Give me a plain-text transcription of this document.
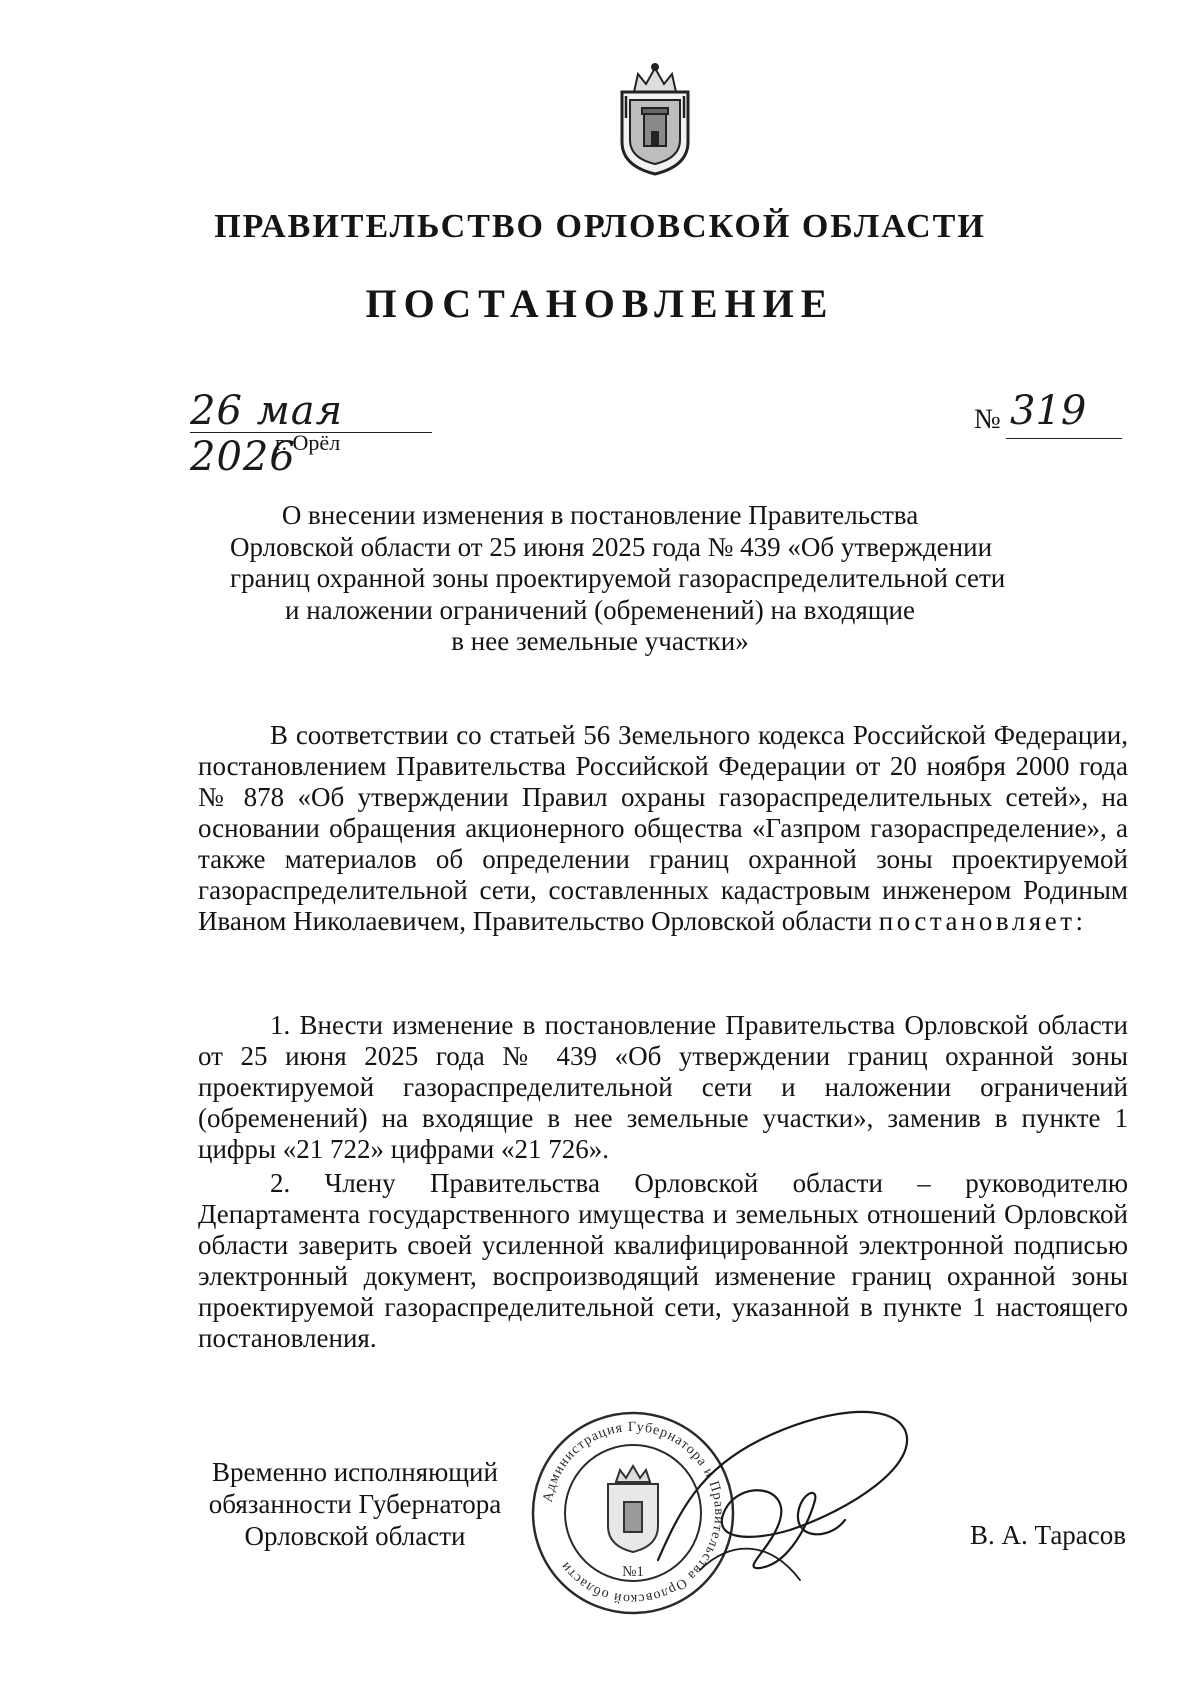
ПРАВИТЕЛЬСТВО ОРЛОВСКОЙ ОБЛАСТИ
ПОСТАНОВЛЕНИЕ
26 мая 2026
г. Орёл
№ 319
О внесении изменения в постановление Правительства
Орловской области от 25 июня 2025 года № 439 «Об утверждении
границ охранной зоны проектируемой газораспределительной сети
и наложении ограничений (обременений) на входящие
в нее земельные участки»

В соответствии со статьей 56 Земельного кодекса Российской Федерации, постановлением Правительства Российской Федерации от 20 ноября 2000 года № 878 «Об утверждении Правил охраны газораспределительных сетей», на основании обращения акционерного общества «Газпром газораспределение», а также материалов об определении границ охранной зоны проектируемой газораспределительной сети, составленных кадастровым инженером Родиным Иваном Николаевичем, Правительство Орловской области постановляет:

1. Внести изменение в постановление Правительства Орловской области от 25 июня 2025 года № 439 «Об утверждении границ охранной зоны проектируемой газораспределительной сети и наложении ограничений (обременений) на входящие в нее земельные участки», заменив в пункте 1 цифры «21 722» цифрами «21 726».

2. Члену Правительства Орловской области – руководителю Департамента государственного имущества и земельных отношений Орловской области заверить своей усиленной квалифицированной электронной подписью электронный документ, воспроизводящий изменение границ охранной зоны проектируемой газораспределительной сети, указанной в пункте 1 настоящего постановления.

Временно исполняющий
обязанности Губернатора
Орловской области
Администрация Губернатора и Правительства Орловской области	№1
В. А. Тарасов
